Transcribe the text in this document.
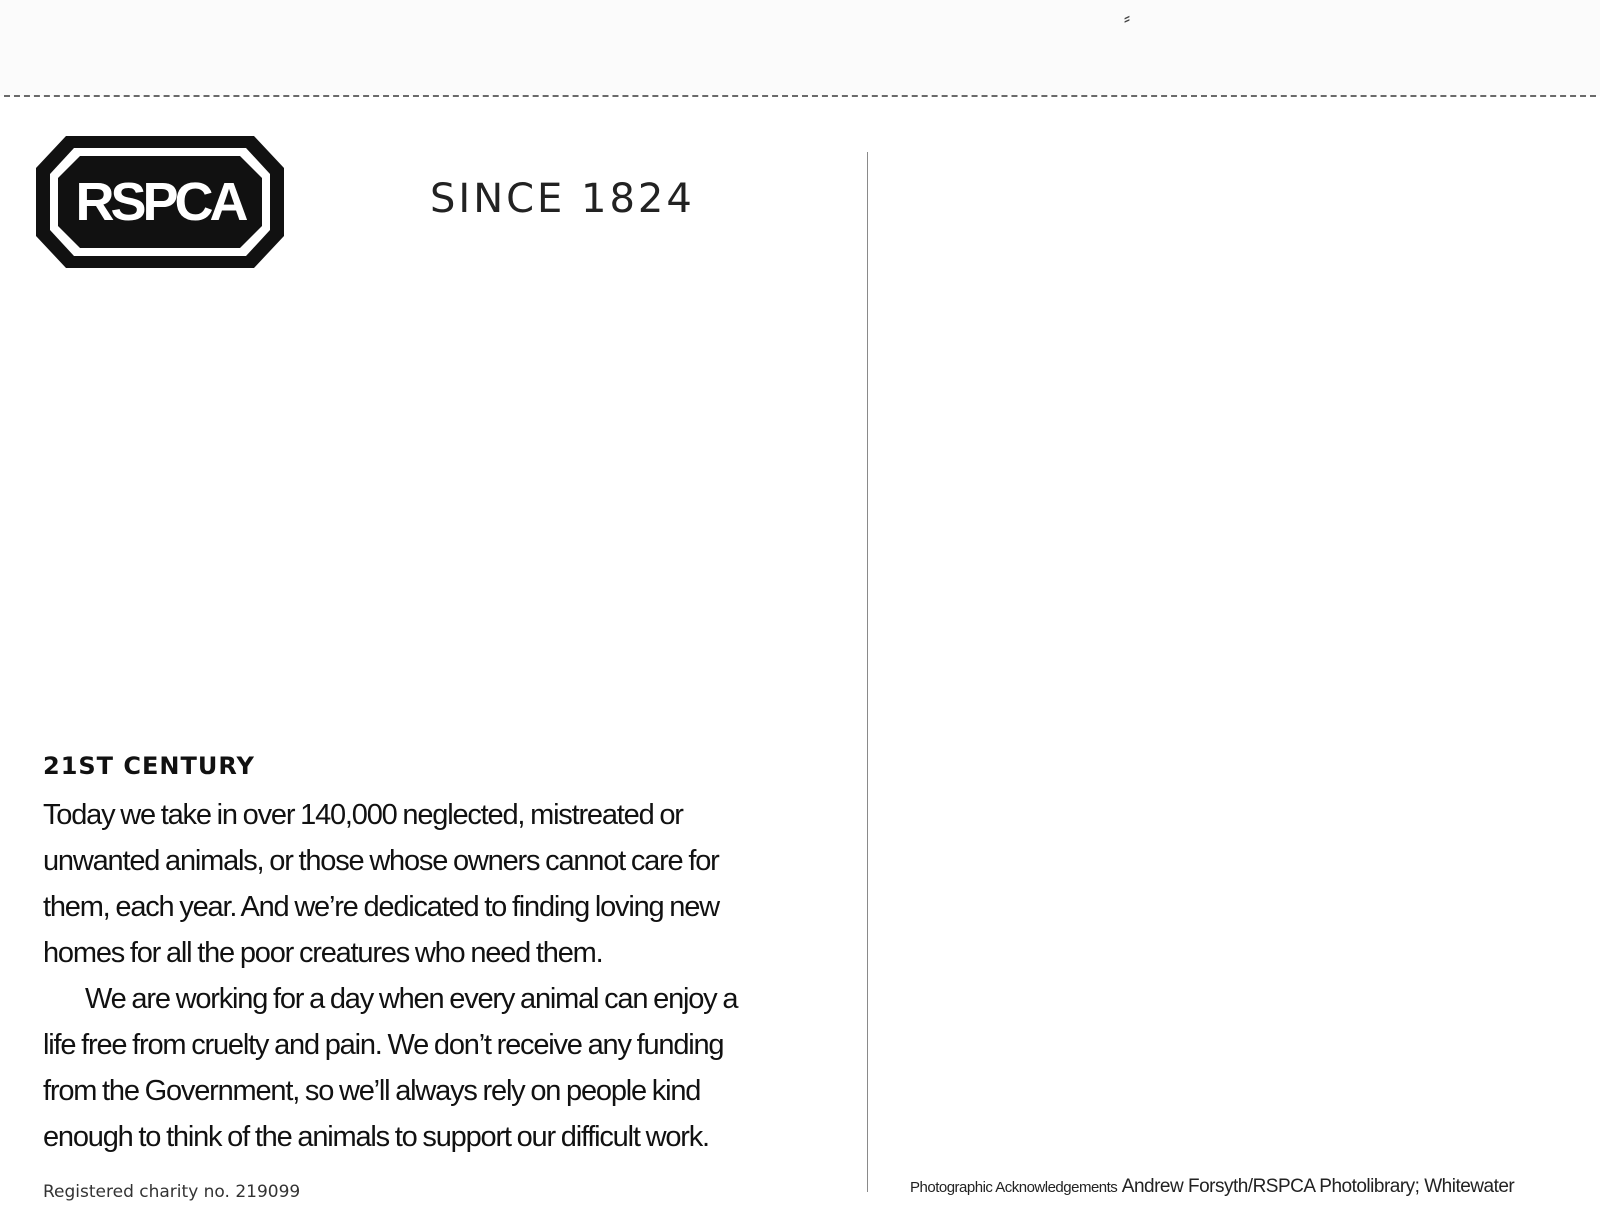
⸗
RSPCA	SINCE 1824
21ST CENTURY

Today we take in over 140,000 neglected, mistreated or unwanted animals, or those whose owners cannot care for them, each year. And we’re dedicated to finding loving new homes for all the poor creatures who need them.

We are working for a day when every animal can enjoy a life free from cruelty and pain. We don’t receive any funding from the Government, so we’ll always rely on people kind enough to think of the animals to support our difficult work.

Registered charity no. 219099	Photographic Acknowledgements Andrew Forsyth/RSPCA Photolibrary; Whitewater
